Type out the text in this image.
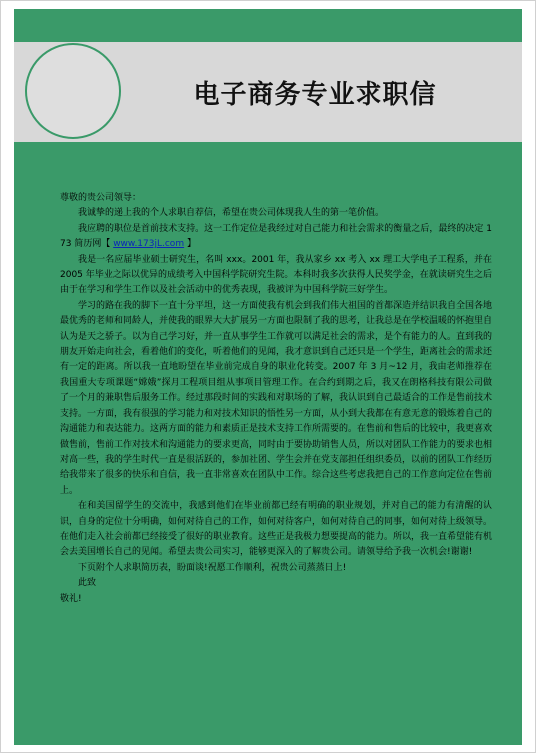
电子商务专业求职信

尊敬的贵公司领导：

我诚挚的递上我的个人求职自荐信，希望在贵公司体现我人生的第一笔价值。

我应聘的职位是首前技术支持。这一工作定位是我经过对自己能力和社会需求的衡量之后，最终的决定 173 简历网【 www.173jL.com 】

我是一名应届毕业硕士研究生，名叫 xxx。2001 年，我从家乡 xx 考入 xx 理工大学电子工程系，并在 2005 年毕业之际以优异的成绩考入中国科学院研究生院。本科时我多次获得人民奖学金，在就读研究生之后由于在学习和学生工作以及社会活动中的优秀表现，我被评为中国科学院三好学生。

学习的路在我的脚下一直十分平坦，这一方面使我有机会到我们伟大祖国的首都深造并结识我自全国各地最优秀的老师和同龄人，并使我的眼界大大扩展另一方面也限制了我的思考，让我总是在学校温暖的怀抱里自认为是天之骄子。以为自己学习好，并一直从事学生工作就可以满足社会的需求，是个有能力的人。直到我的朋友开始走向社会，看着他们的变化，听着他们的见闻，我才意识到自己还只是一个学生，距离社会的需求还有一定的距离。所以我一直地盼望在毕业前完成自身的职业化转变。2007 年 3 月~12 月，我由老师推荐在我国重大专项课题“嫦娥”探月工程项目组从事项目管理工作。在合约到期之后，我又在朗格科技有限公司做了一个月的兼职售后服务工作。经过那段时间的实践和对职场的了解，我认识到自己最适合的工作是售前技术支持。一方面，我有很强的学习能力和对技术知识的悟性另一方面，从小到大我都在有意无意的锻炼着自己的沟通能力和表达能力。这两方面的能力和素质正是技术支持工作所需要的。在售前和售后的比较中，我更喜欢做售前，售前工作对技术和沟通能力的要求更高，同时由于要协助销售人员，所以对团队工作能力的要求也相对高一些，我的学生时代一直是很活跃的，参加社团、学生会并在党支部担任组织委员，以前的团队工作经历给我带来了很多的快乐和自信，我一直非常喜欢在团队中工作。综合这些考虑我把自己的工作意向定位在售前上。

在和美国留学生的交流中，我感到他们在毕业前都已经有明确的职业规划，并对自己的能力有清醒的认识，自身的定位十分明确，如何对待自己的工作，如何对待客户，如何对待自己的同事，如何对待上级领导。在他们走入社会前都已经接受了很好的职业教育。这些正是我极力想要提高的能力。所以，我一直希望能有机会去美国增长自己的见闻。希望去贵公司实习，能够更深入的了解贵公司。请领导给予我一次机会!谢谢!

下页附个人求职简历表，盼面谈!祝愿工作顺利，祝贵公司蒸蒸日上!

此致

敬礼!
